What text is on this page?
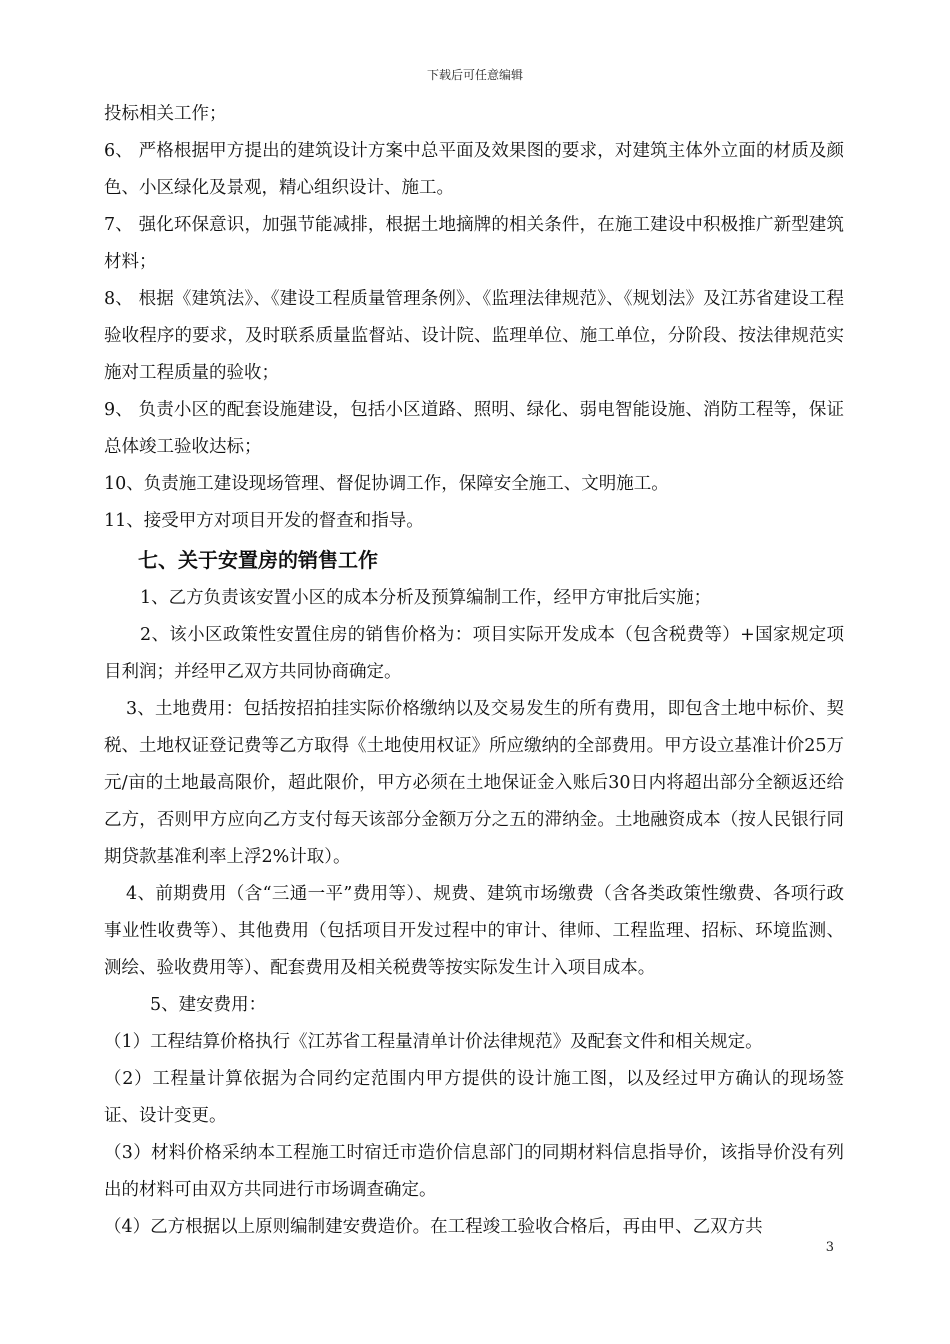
下载后可任意编辑

投标相关工作；

6、 严格根据甲方提出的建筑设计方案中总平面及效果图的要求，对建筑主体外立面的材质及颜色、小区绿化及景观，精心组织设计、施工。

7、 强化环保意识，加强节能减排，根据土地摘牌的相关条件，在施工建设中积极推广新型建筑材料；

8、 根据《建筑法》、《建设工程质量管理条例》、《监理法律规范》、《规划法》及江苏省建设工程验收程序的要求，及时联系质量监督站、设计院、监理单位、施工单位，分阶段、按法律规范实施对工程质量的验收；

9、 负责小区的配套设施建设，包括小区道路、照明、绿化、弱电智能设施、消防工程等，保证总体竣工验收达标；

10、负责施工建设现场管理、督促协调工作，保障安全施工、文明施工。

11、接受甲方对项目开发的督查和指导。

七、关于安置房的销售工作

1、乙方负责该安置小区的成本分析及预算编制工作，经甲方审批后实施；

2、该小区政策性安置住房的销售价格为：项目实际开发成本（包含税费等）+国家规定项目利润；并经甲乙双方共同协商确定。

3、土地费用：包括按招拍挂实际价格缴纳以及交易发生的所有费用，即包含土地中标价、契税、土地权证登记费等乙方取得《土地使用权证》所应缴纳的全部费用。甲方设立基准计价25万元/亩的土地最高限价，超此限价，甲方必须在土地保证金入账后30日内将超出部分全额返还给乙方，否则甲方应向乙方支付每天该部分金额万分之五的滞纳金。土地融资成本（按人民银行同期贷款基准利率上浮2%计取）。

4、前期费用（含“三通一平”费用等）、规费、建筑市场缴费（含各类政策性缴费、各项行政事业性收费等）、其他费用（包括项目开发过程中的审计、律师、工程监理、招标、环境监测、测绘、验收费用等）、配套费用及相关税费等按实际发生计入项目成本。

5、建安费用：

（1）工程结算价格执行《江苏省工程量清单计价法律规范》及配套文件和相关规定。

（2）工程量计算依据为合同约定范围内甲方提供的设计施工图，以及经过甲方确认的现场签证、设计变更。

（3）材料价格采纳本工程施工时宿迁市造价信息部门的同期材料信息指导价，该指导价没有列出的材料可由双方共同进行市场调查确定。

（4）乙方根据以上原则编制建安费造价。在工程竣工验收合格后，再由甲、乙双方共

3
